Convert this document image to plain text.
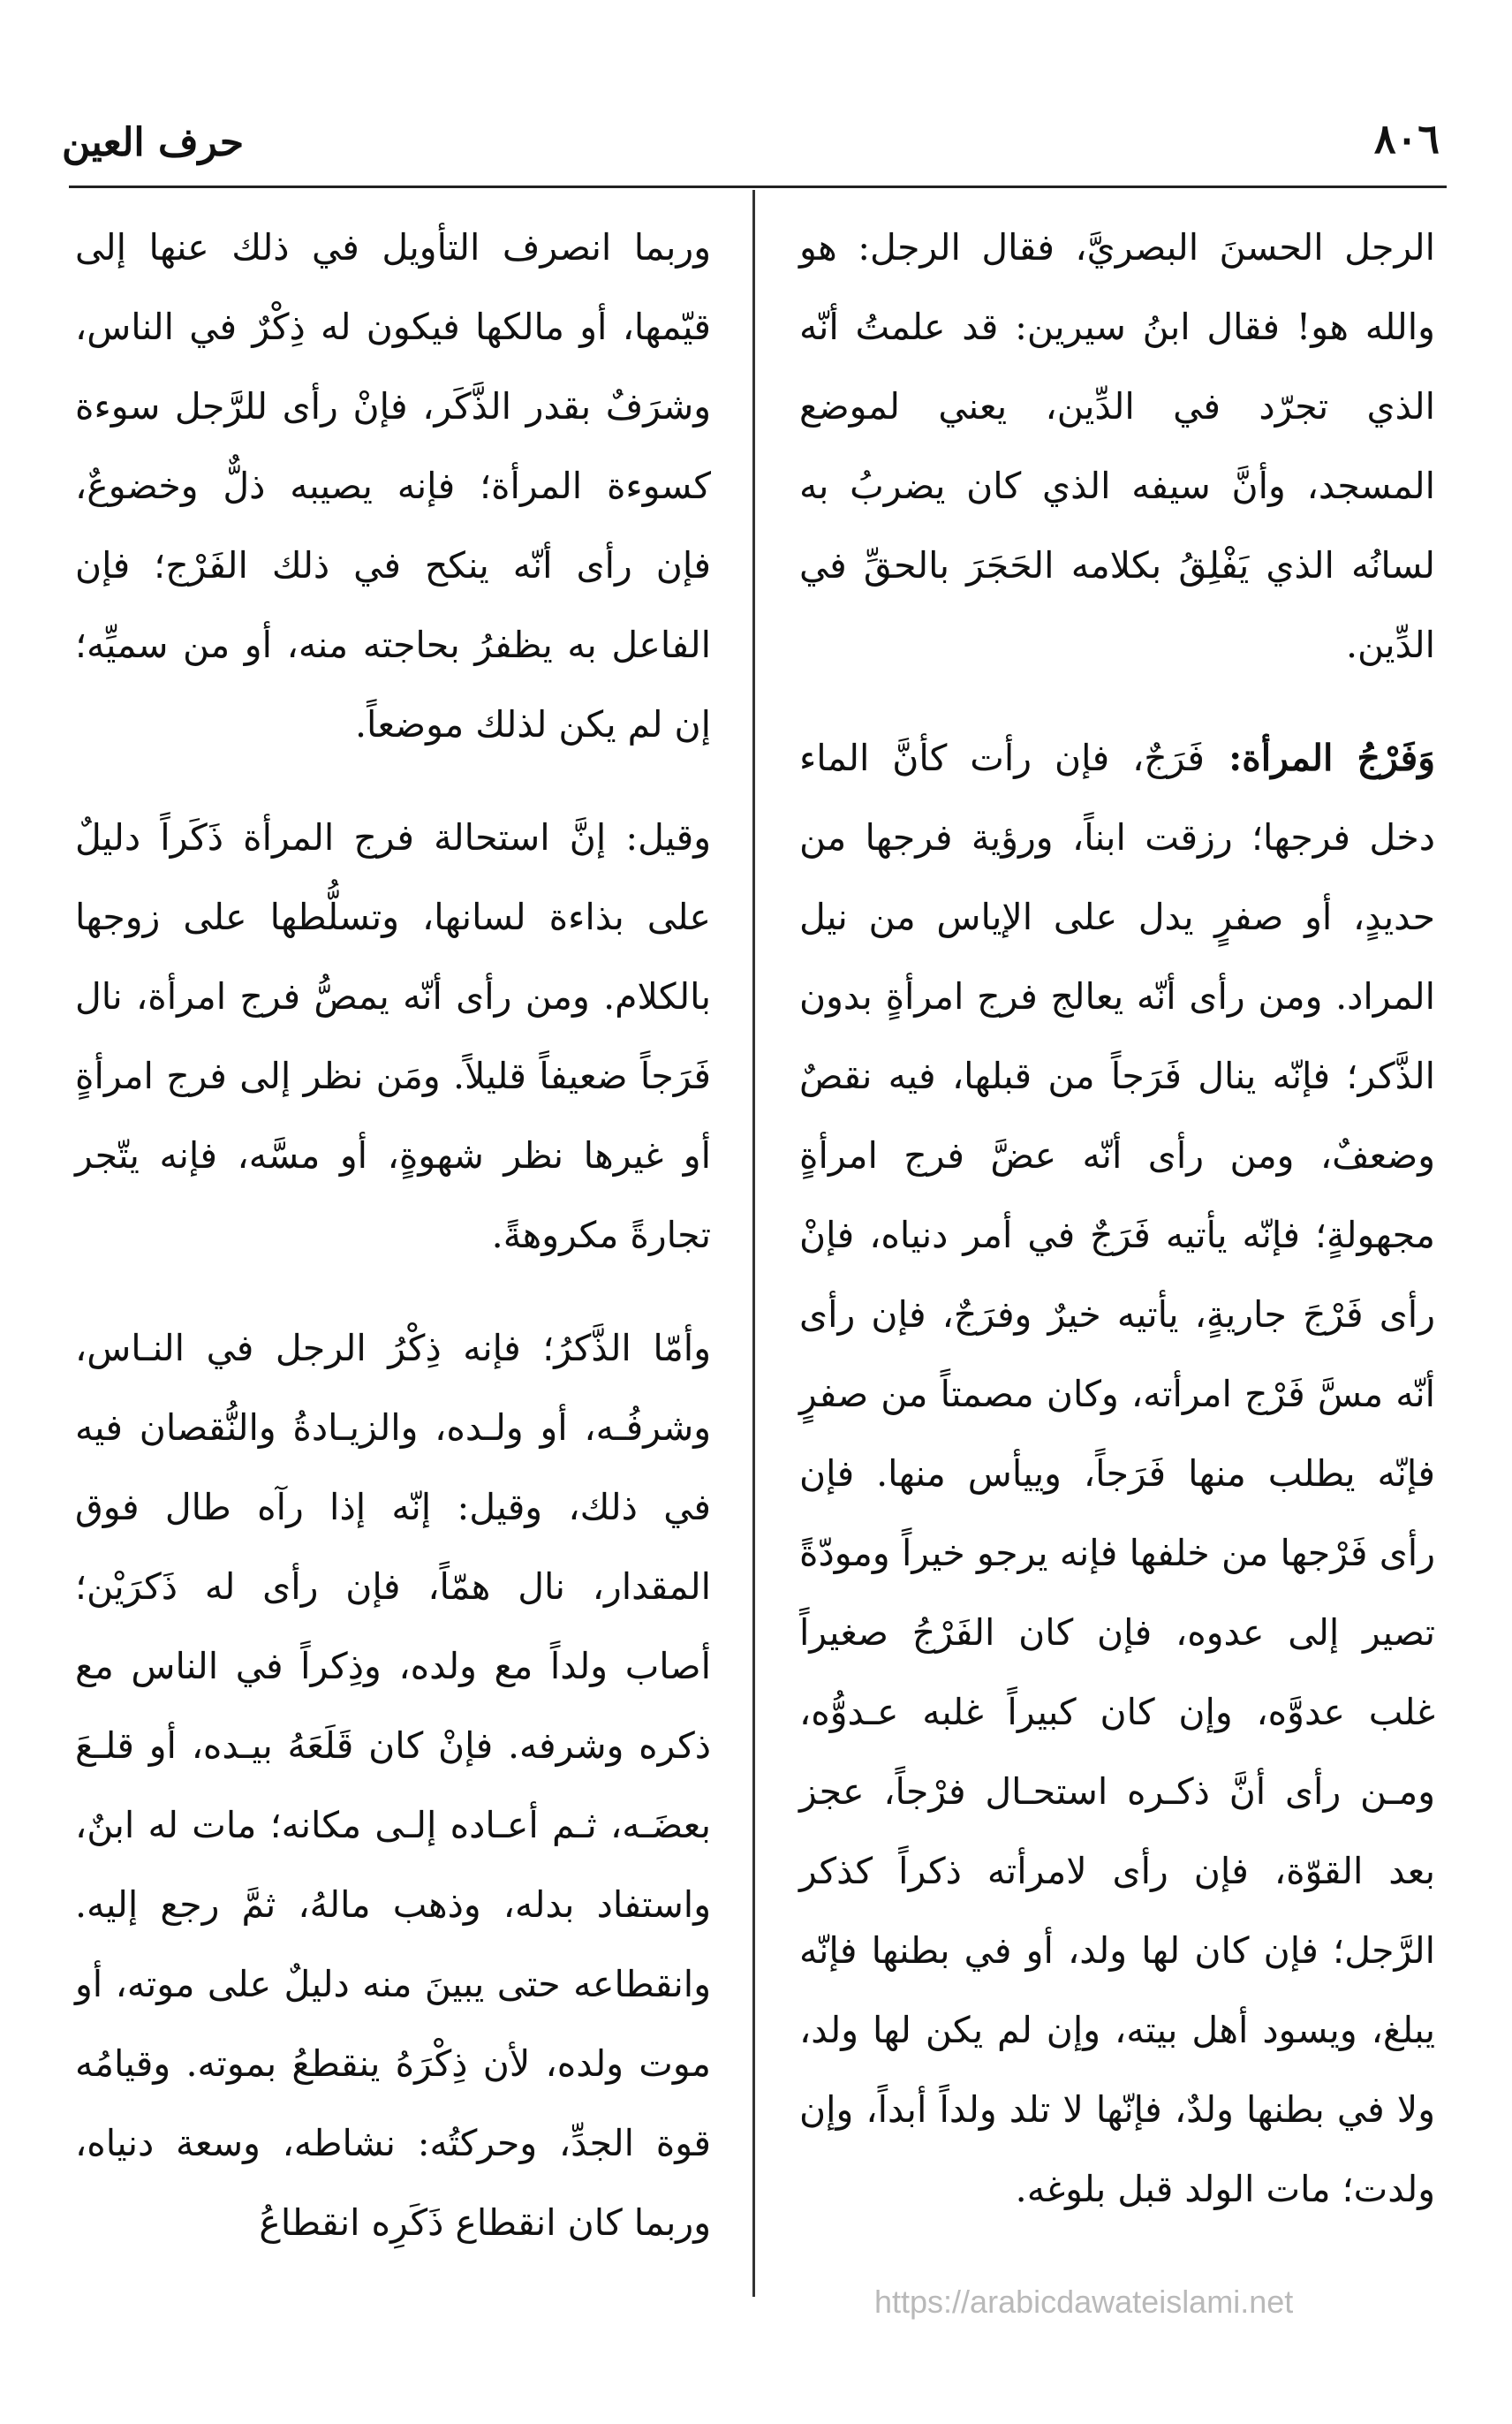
٨٠٦
حرف العين

الرجل الحسنَ البصريَّ، فقال الرجل: هو والله هو! فقال ابنُ سيرين: قد علمتُ أنّه الذي تجرّد في الدِّين، يعني لموضع المسجد، وأنَّ سيفه الذي كان يضربُ به لسانُه الذي يَفْلِقُ بكلامه الحَجَرَ بالحقِّ في الدِّين.

وَفَرْجُ المرأة: فَرَجٌ، فإن رأت كأنَّ الماء دخل فرجها؛ رزقت ابناً، ورؤية فرجها من حديدٍ، أو صفرٍ يدل على الإياس من نيل المراد. ومن رأى أنّه يعالج فرج امرأةٍ بدون الذَّكر؛ فإنّه ينال فَرَجاً من قبلها، فيه نقصٌ وضعفٌ، ومن رأى أنّه عضَّ فرج امرأةٍ مجهولةٍ؛ فإنّه يأتيه فَرَجٌ في أمر دنياه، فإنْ رأى فَرْجَ جاريةٍ، يأتيه خيرٌ وفرَجٌ، فإن رأى أنّه مسَّ فَرْج امرأته، وكان مصمتاً من صفرٍ فإنّه يطلب منها فَرَجاً، وييأس منها. فإن رأى فَرْجها من خلفها فإنه يرجو خيراً ومودّةً تصير إلى عدوه، فإن كان الفَرْجُ صغيراً غلب عدوَّه، وإن كان كبيراً غلبه عـدوُّه، ومـن رأى أنَّ ذكـره استحـال فرْجاً، عجز بعد القوّة، فإن رأى لامرأته ذكراً كذكر الرَّجل؛ فإن كان لها ولد، أو في بطنها فإنّه يبلغ، ويسود أهل بيته، وإن لم يكن لها ولد، ولا في بطنها ولدٌ، فإنّها لا تلد ولداً أبداً، وإن ولدت؛ مات الولد قبل بلوغه.

وربما انصرف التأويل في ذلك عنها إلى قيّمها، أو مالكها فيكون له ذِكْرٌ في الناس، وشرَفٌ بقدر الذَّكَر، فإنْ رأى للرَّجل سوءة كسوءة المرأة؛ فإنه يصيبه ذلٌّ وخضوعٌ، فإن رأى أنّه ينكح في ذلك الفَرْج؛ فإن الفاعل به يظفرُ بحاجته منه، أو من سميِّه؛ إن لم يكن لذلك موضعاً.

وقيل: إنَّ استحالة فرج المرأة ذَكَراً دليلٌ على بذاءة لسانها، وتسلُّطها على زوجها بالكلام. ومن رأى أنّه يمصُّ فرج امرأة، نال فَرَجاً ضعيفاً قليلاً. ومَن نظر إلى فرج امرأةٍ أو غيرها نظر شهوةٍ، أو مسَّه، فإنه يتّجر تجارةً مكروهةً.

وأمّا الذَّكرُ؛ فإنه ذِكْرُ الرجل في النـاس، وشرفُـه، أو ولـده، والزيـادةُ والنُّقصان فيه في ذلك، وقيل: إنّه إذا رآه طال فوق المقدار، نال همّاً، فإن رأى له ذَكرَيْن؛ أصاب ولداً مع ولده، وذِكراً في الناس مع ذكره وشرفه. فإنْ كان قَلَعَهُ بيـده، أو قلـعَ بعضَـه، ثـم أعـاده إلـى مكانه؛ مات له ابنٌ، واستفاد بدله، وذهب مالهُ، ثمَّ رجع إليه. وانقطاعه حتى يبينَ منه دليلٌ على موته، أو موت ولده، لأن ذِكْرَهُ ينقطعُ بموته. وقيامُه قوة الجدِّ، وحركتُه: نشاطه، وسعة دنياه، وربما كان انقطاع ذَكَرِه انقطاعُ

https://arabicdawateislami.net
